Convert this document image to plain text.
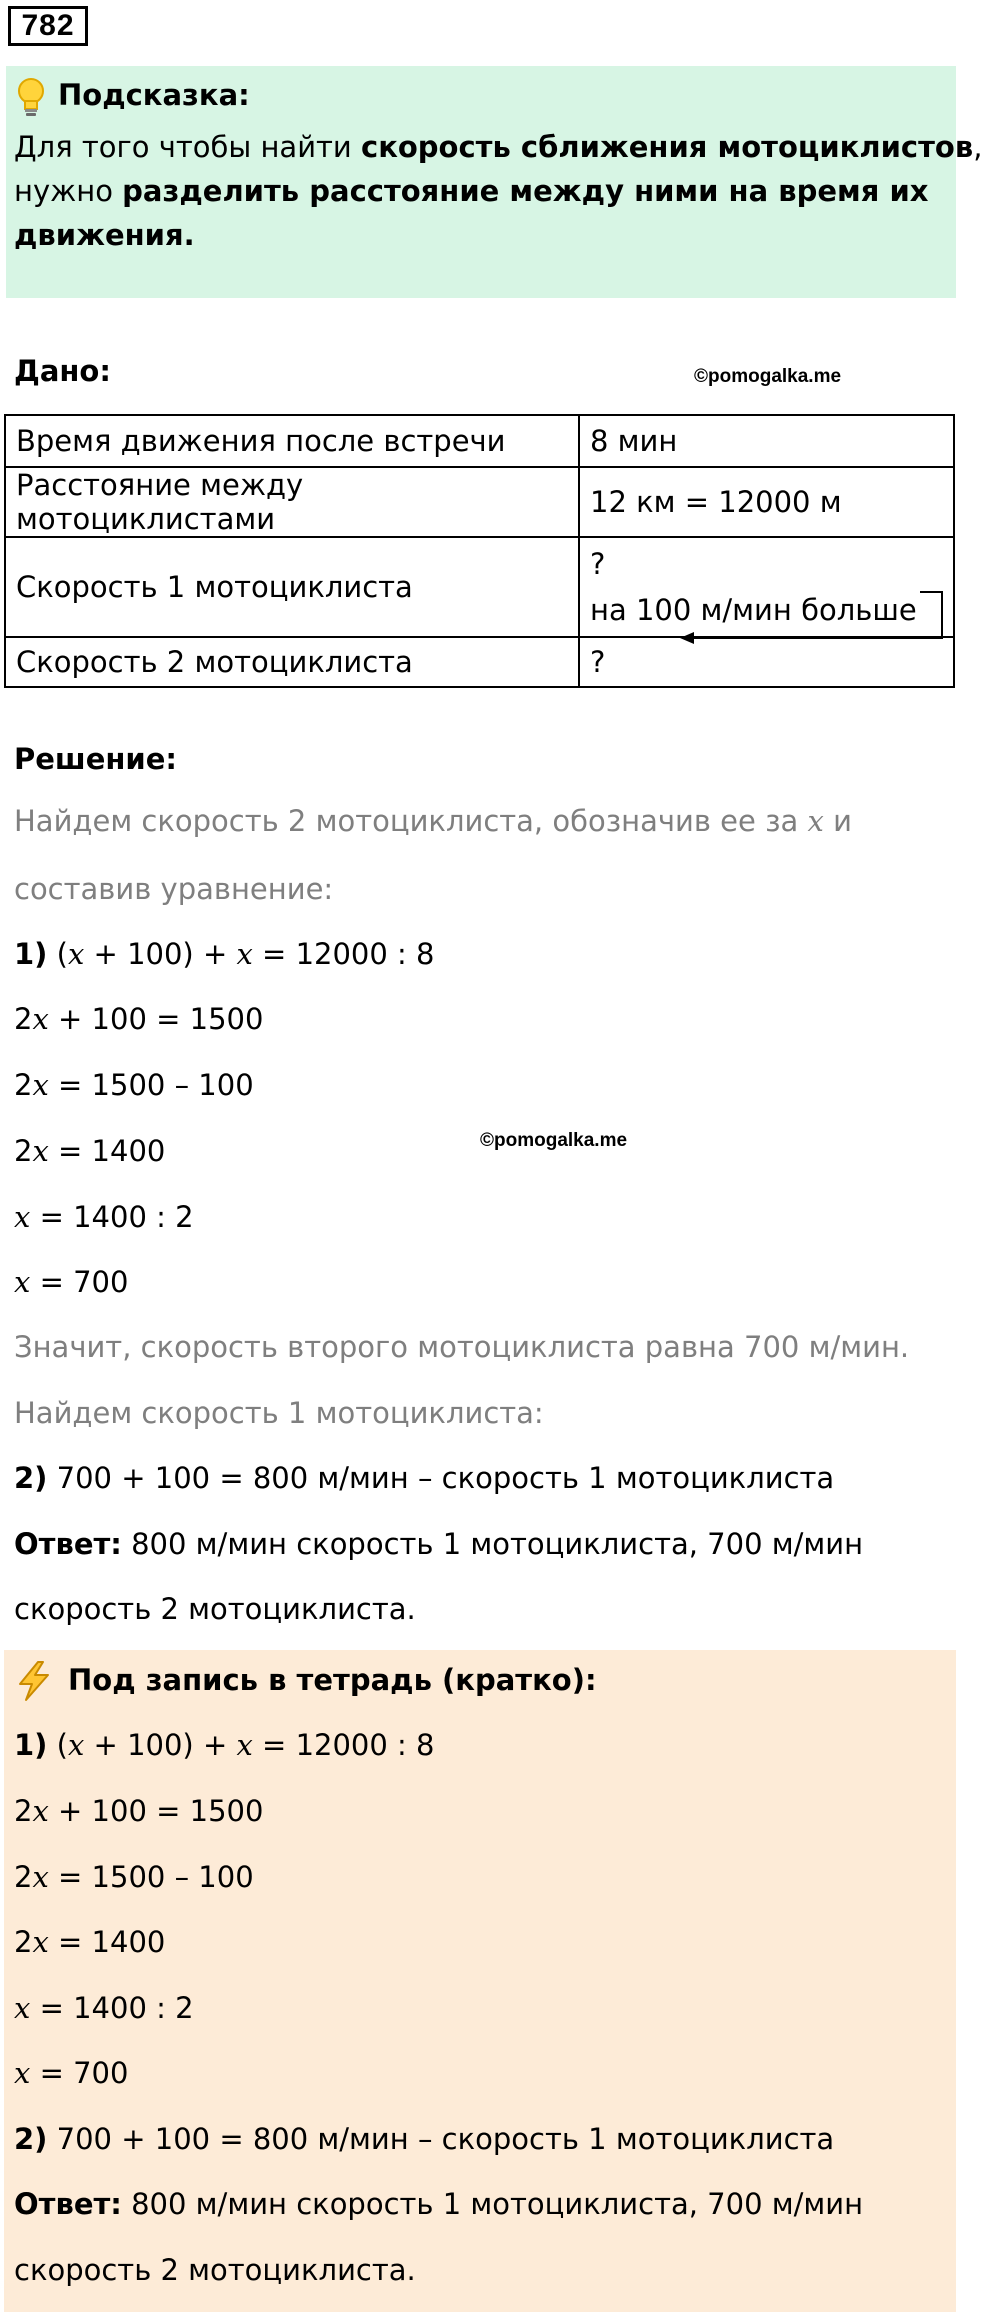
782
Подсказка:
Для того чтобы найти скорость сближения мотоциклистов,
нужно разделить расстояние между ними на время их
движения.
Дано:	©pomogalka.me
Время движения после встречи	8 мин
Расстояние между мотоциклистами	12 км = 12000 м
Скорость 1 мотоциклиста	?
на 100 м/мин больше

Скорость 2 мотоциклиста	?
Решение:
Найдем скорость 2 мотоциклиста, обозначив ее за x и
составив уравнение:
1) (x + 100) + x = 12000 : 8
2x + 100 = 1500
2x = 1500 – 100
2x = 1400	©pomogalka.me
x = 1400 : 2
x = 700
Значит, скорость второго мотоциклиста равна 700 м/мин.
Найдем скорость 1 мотоциклиста:
2) 700 + 100 = 800 м/мин – скорость 1 мотоциклиста
Ответ: 800 м/мин скорость 1 мотоциклиста, 700 м/мин
скорость 2 мотоциклиста.
Под запись в тетрадь (кратко):
1) (x + 100) + x = 12000 : 8
2x + 100 = 1500
2x = 1500 – 100
2x = 1400
x = 1400 : 2
x = 700
2) 700 + 100 = 800 м/мин – скорость 1 мотоциклиста
Ответ: 800 м/мин скорость 1 мотоциклиста, 700 м/мин
скорость 2 мотоциклиста.
